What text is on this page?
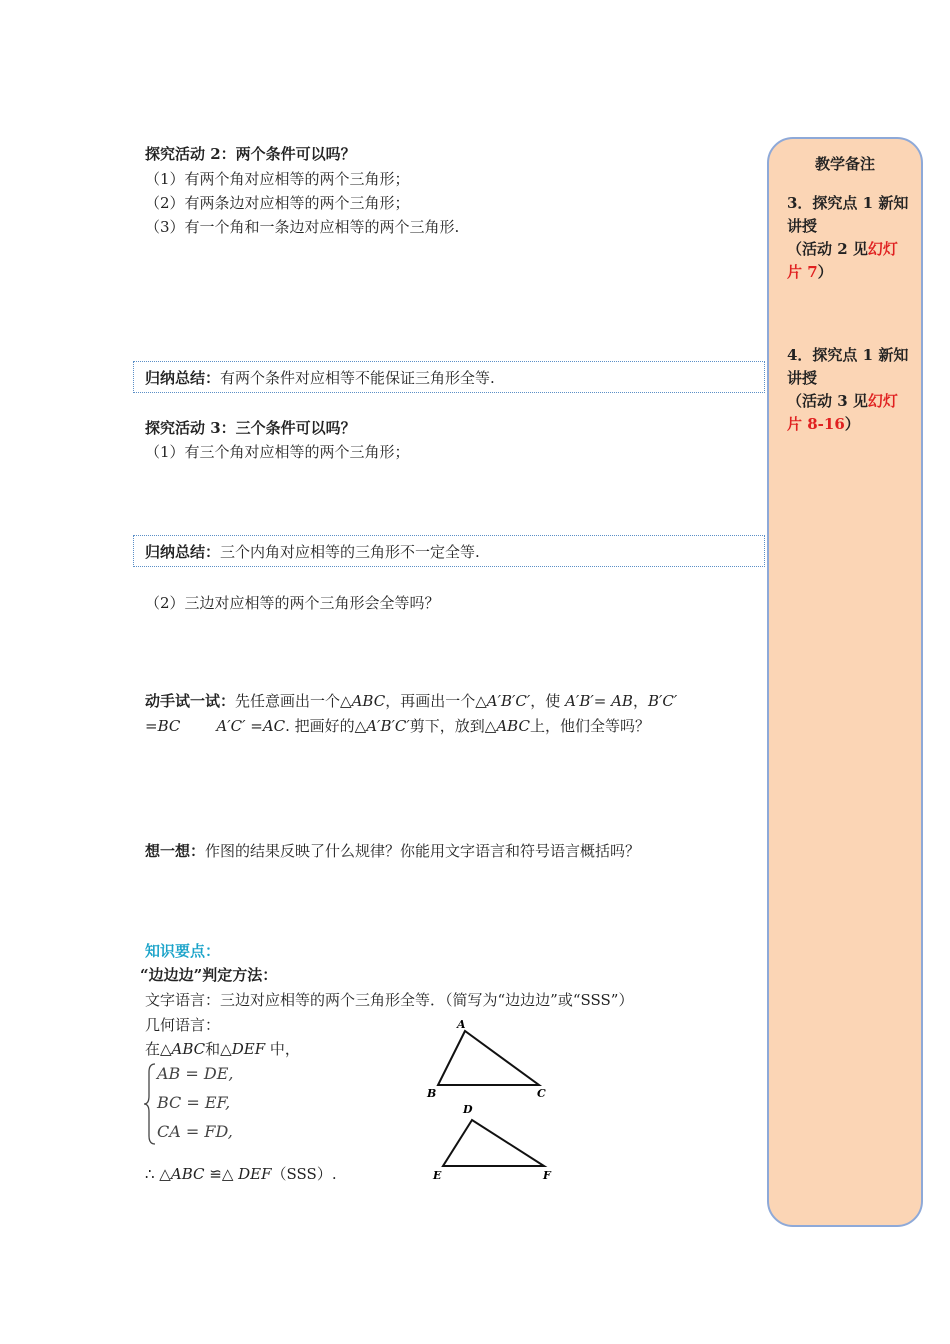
探究活动 2：两个条件可以吗？
（1）有两个角对应相等的两个三角形；
（2）有两条边对应相等的两个三角形；
（3）有一个角和一条边对应相等的两个三角形.
归纳总结：有两个条件对应相等不能保证三角形全等.
探究活动 3：三个条件可以吗？
（1）有三个角对应相等的两个三角形；
归纳总结：三个内角对应相等的三角形不一定全等.
（2）三边对应相等的两个三角形会全等吗？
动手试一试：先任意画出一个△ABC，再画出一个△A′B′C′，使 A′B′= AB，B′C′
=BC A′C′ =AC. 把画好的△A′B′C′剪下，放到△ABC上，他们全等吗？
想一想：作图的结果反映了什么规律？你能用文字语言和符号语言概括吗？
知识要点：
“边边边”判定方法：
文字语言：三边对应相等的两个三角形全等．（简写为“边边边”或“SSS”）
几何语言：
在△ABC和△DEF 中，
AB = DE,
BC = EF,
CA = FD,
∴ △ABC ≌△ DEF（SSS）.
A
B	C
D
E	F
教学备注
3．探究点 1 新知讲授
（活动 2 见幻灯片 7）
4．探究点 1 新知讲授
（活动 3 见幻灯片 8-16）
